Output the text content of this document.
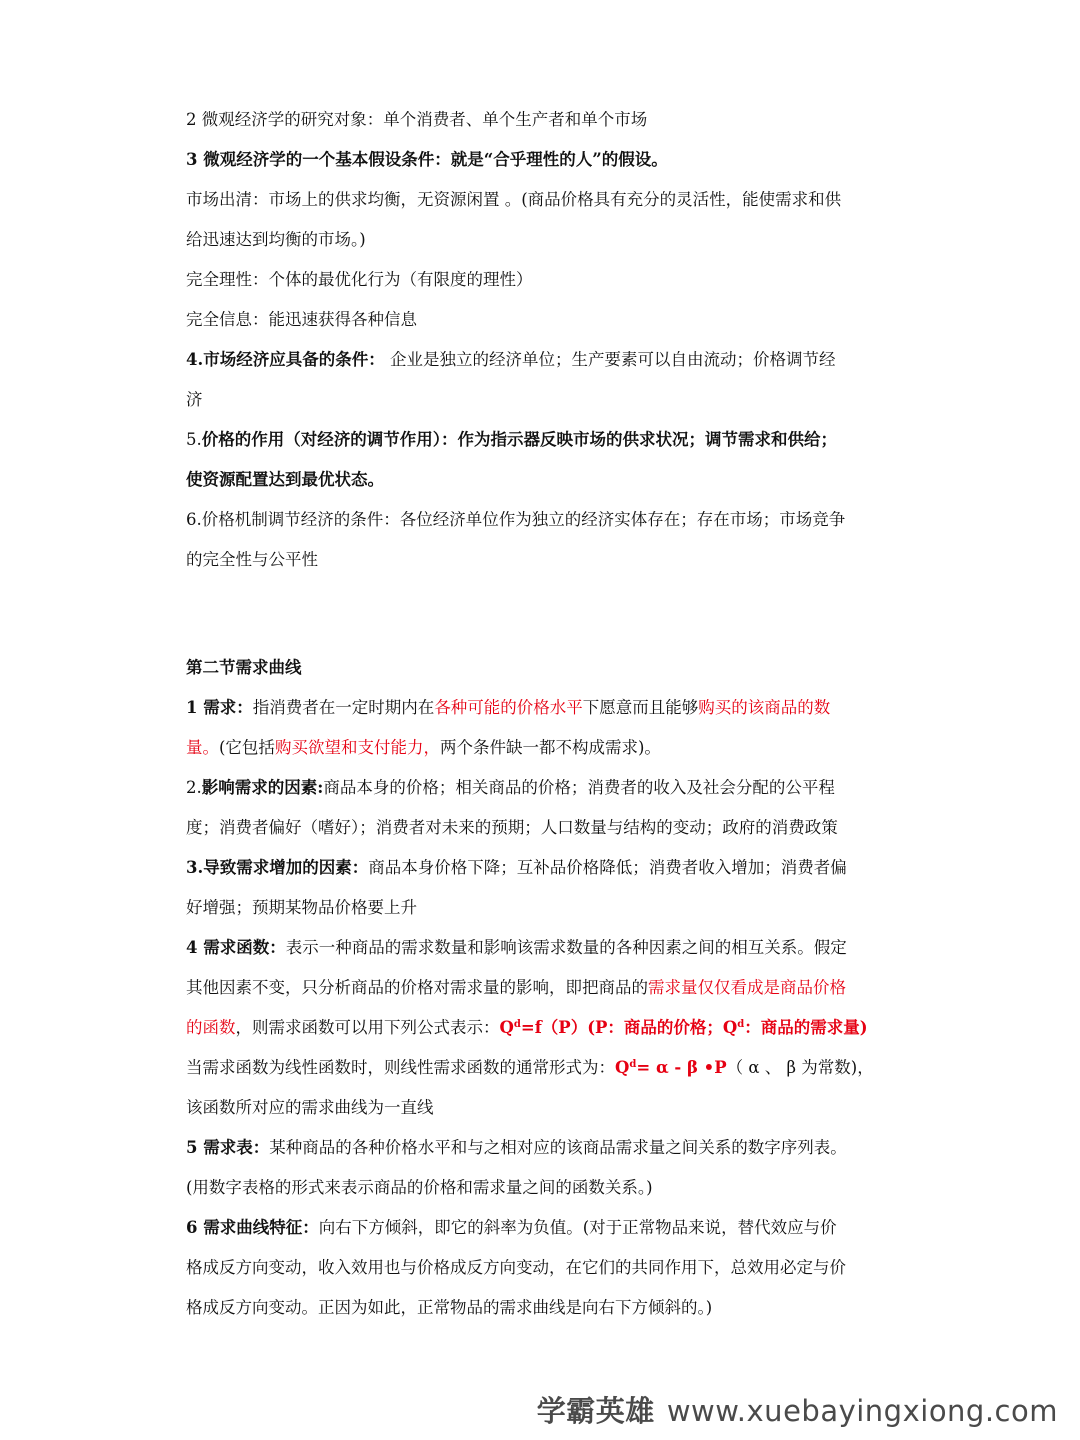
2 微观经济学的研究对象：单个消费者、单个生产者和单个市场
3 微观经济学的一个基本假设条件：就是“合乎理性的人”的假设。
市场出清：市场上的供求均衡，无资源闲置 。(商品价格具有充分的灵活性，能使需求和供
给迅速达到均衡的市场。)
完全理性：个体的最优化行为（有限度的理性）
完全信息：能迅速获得各种信息
4.市场经济应具备的条件： 企业是独立的经济单位；生产要素可以自由流动；价格调节经
济
5.价格的作用（对经济的调节作用）：作为指示器反映市场的供求状况；调节需求和供给；
使资源配置达到最优状态。
6.价格机制调节经济的条件：各位经济单位作为独立的经济实体存在；存在市场；市场竞争
的完全性与公平性
第二节需求曲线
1 需求：指消费者在一定时期内在各种可能的价格水平下愿意而且能够购买的该商品的数
量。(它包括购买欲望和支付能力，两个条件缺一都不构成需求)。
2.影响需求的因素:商品本身的价格；相关商品的价格；消费者的收入及社会分配的公平程
度；消费者偏好（嗜好）；消费者对未来的预期；人口数量与结构的变动；政府的消费政策
3.导致需求增加的因素：商品本身价格下降；互补品价格降低；消费者收入增加；消费者偏
好增强；预期某物品价格要上升
4 需求函数：表示一种商品的需求数量和影响该需求数量的各种因素之间的相互关系。假定
其他因素不变，只分析商品的价格对需求量的影响，即把商品的需求量仅仅看成是商品价格
的函数，则需求函数可以用下列公式表示：$Q^d=f(P)(P$：商品的价格；$Q^d$：商品的需求量)
当需求函数为线性函数时，则线性需求函数的通常形式为：$Q^d= \alpha - \beta$ •P（ α 、 β 为常数)，
该函数所对应的需求曲线为一直线
5 需求表：某种商品的各种价格水平和与之相对应的该商品需求量之间关系的数字序列表。
(用数字表格的形式来表示商品的价格和需求量之间的函数关系。)
6 需求曲线特征：向右下方倾斜，即它的斜率为负值。(对于正常物品来说，替代效应与价
格成反方向变动，收入效用也与价格成反方向变动，在它们的共同作用下，总效用必定与价
格成反方向变动。正因为如此，正常物品的需求曲线是向右下方倾斜的。)
学霸英雄 www.xuebayingxiong.com
